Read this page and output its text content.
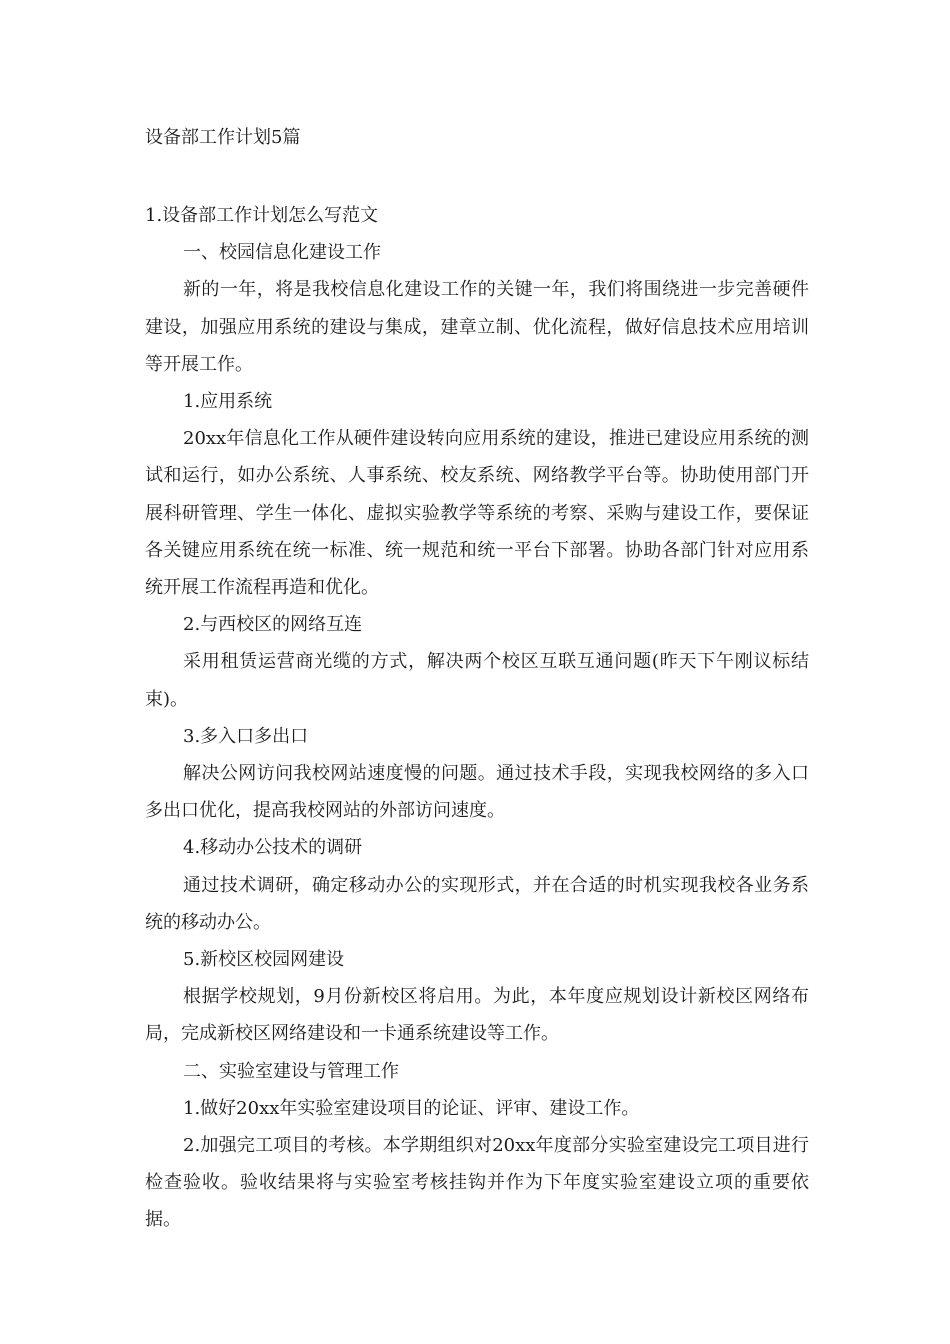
设备部工作计划5篇

1.设备部工作计划怎么写范文

一、校园信息化建设工作

新的一年，将是我校信息化建设工作的关键一年，我们将围绕进一步完善硬件建设，加强应用系统的建设与集成，建章立制、优化流程，做好信息技术应用培训等开展工作。

1.应用系统

20xx年信息化工作从硬件建设转向应用系统的建设，推进已建设应用系统的测试和运行，如办公系统、人事系统、校友系统、网络教学平台等。协助使用部门开展科研管理、学生一体化、虚拟实验教学等系统的考察、采购与建设工作，要保证各关键应用系统在统一标准、统一规范和统一平台下部署。协助各部门针对应用系统开展工作流程再造和优化。

2.与西校区的网络互连

采用租赁运营商光缆的方式，解决两个校区互联互通问题(昨天下午刚议标结束)。

3.多入口多出口

解决公网访问我校网站速度慢的问题。通过技术手段，实现我校网络的多入口多出口优化，提高我校网站的外部访问速度。

4.移动办公技术的调研

通过技术调研，确定移动办公的实现形式，并在合适的时机实现我校各业务系统的移动办公。

5.新校区校园网建设

根据学校规划，9月份新校区将启用。为此，本年度应规划设计新校区网络布局，完成新校区网络建设和一卡通系统建设等工作。

二、实验室建设与管理工作

1.做好20xx年实验室建设项目的论证、评审、建设工作。

2.加强完工项目的考核。本学期组织对20xx年度部分实验室建设完工项目进行检查验收。验收结果将与实验室考核挂钩并作为下年度实验室建设立项的重要依据。
